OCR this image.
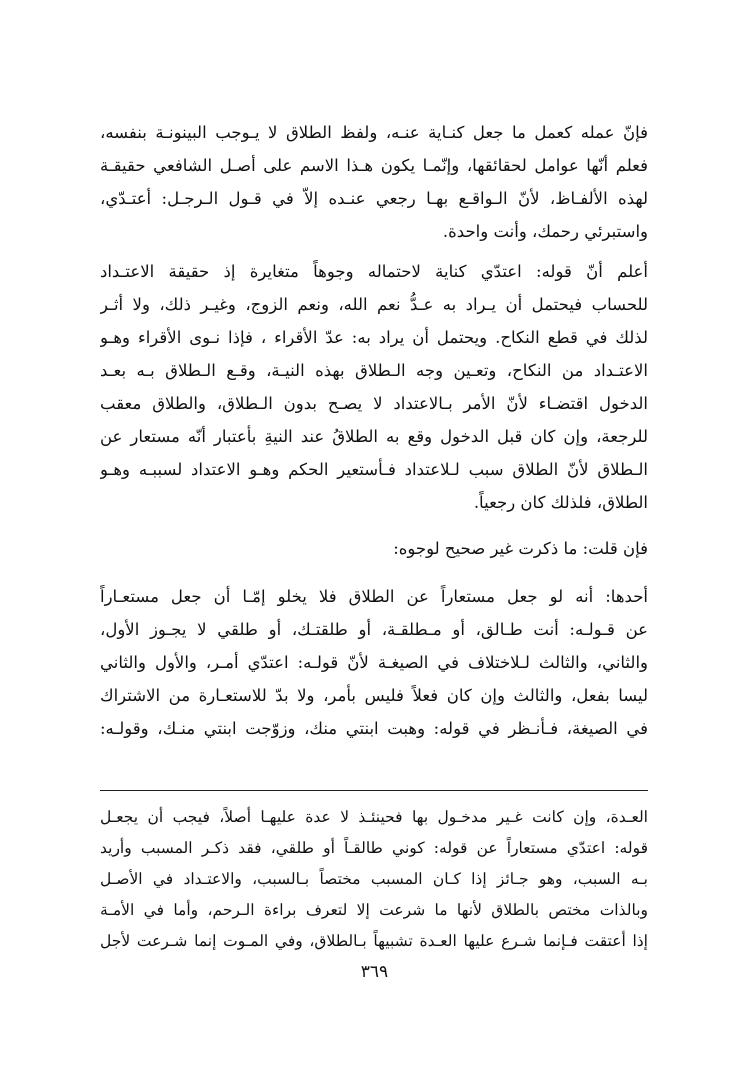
فإنّ عمله كعمل ما جعل كنـاية عنـه، ولفظ الطلاق لا يـوجب البينونـة بنفسه،
فعلم أنّها عوامل لحقائقها، وإنّمـا يكون هـذا الاسم على أصـل الشافعي حقيقـة
لهذه الألفـاظ، لأنّ الـواقـع بهـا رجعي عنـده إلاّ في قـول الـرجـل: أعتـدّي،
واستبرئي رحمك، وأنت واحدة.
أعلم أنّ قوله: اعتدّي كناية لاحتماله وجوهاً متغايرة إذ حقيقة الاعتـداد
للحساب فيحتمل أن يـراد به عـدُّ نعم الله، ونعم الزوج، وغيـر ذلك، ولا أثـر
لذلك في قطع النكاح. ويحتمل أن يراد به: عدّ الأقراء ، فإذا نـوى الأقراء وهـو
الاعتـداد من النكاح، وتعـين وجه الـطلاق بهذه النيـة، وقـع الـطلاق بـه بعـد
الدخول اقتضـاء لأنّ الأمر بـالاعتداد لا يصـح بدون الـطلاق، والطلاق معقب
للرجعة، وإن كان قبل الدخول وقع به الطلاقُ عند النيةِ بأعتبار أنّه مستعار عن
الـطلاق لأنّ الطلاق سبب لـلاعتداد فـأستعير الحكم وهـو الاعتداد لسببـه وهـو
الطلاق، فلذلك كان رجعياً.
فإن قلت: ما ذكرت غير صحيح لوجوه:
أحدها: أنه لو جعل مستعاراً عن الطلاق فلا يخلو إمّـا أن جعل مستعـاراً
عن قـولـه: أنت طـالق، أو مـطلقـة، أو طلقتـك، أو طلقي لا يجـوز الأول،
والثاني، والثالث لـلاختلاف في الصيغـة لأنّ قولـه: اعتدّي أمـر، والأول والثاني
ليسا بفعل، والثالث وإن كان فعلاً فليس بأمر، ولا بدّ للاستعـارة من الاشتراك
في الصيغة، فـأنـظر في قوله: وهبت ابنتي منك، وزوّجت ابنتي منـك، وقولـه:
العـدة، وإن كانت غـير مدخـول بها فحينئـذ لا عدة عليهـا أصلاً، فيجب أن يجعـل
قوله: اعتدّي مستعاراً عن قوله: كوني طالقـاً أو طلقي، فقد ذكـر المسبب وأريد
بـه السبب، وهو جـائز إذا كـان المسبب مختصاً بـالسبب، والاعتـداد في الأصـل
وبالذات مختص بالطلاق لأنها ما شرعت إلا لتعرف براءة الـرحم، وأما في الأمـة
إذا أعتقت فـإنما شـرع عليها العـدة تشبيهاً بـالطلاق، وفي المـوت إنما شـرعت لأجل
٣٦٩
